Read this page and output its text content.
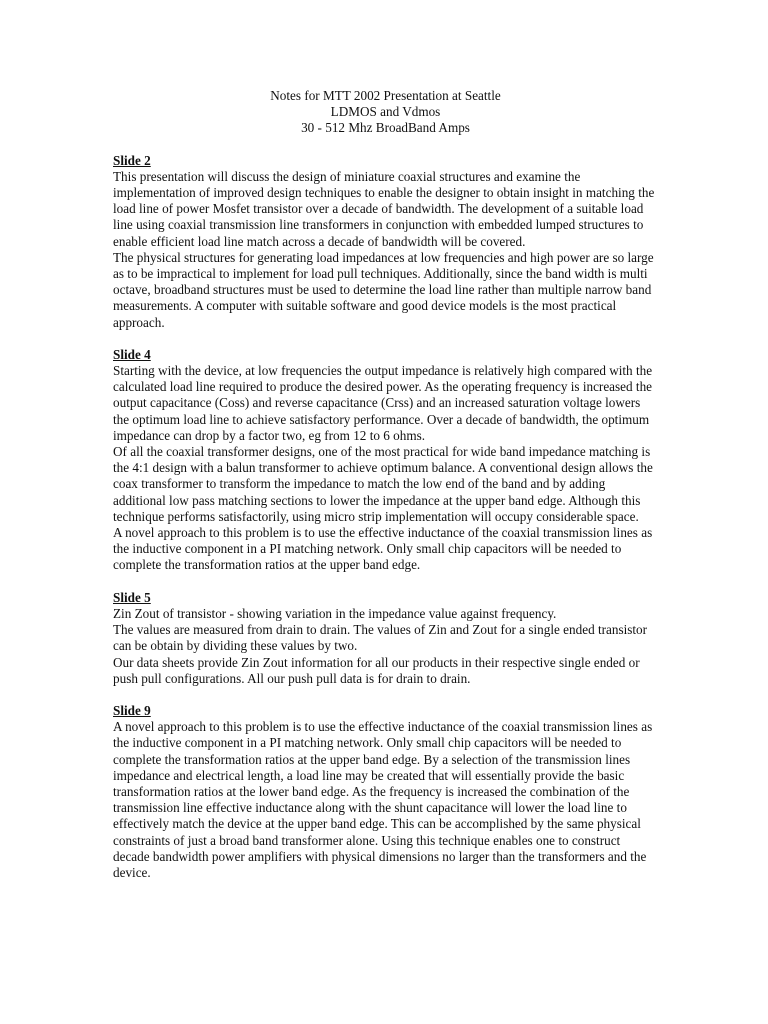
Notes for MTT 2002 Presentation at Seattle
LDMOS and Vdmos
30 - 512 Mhz BroadBand Amps
Slide 2

This presentation will discuss the design of miniature coaxial structures and examine the implementation of improved design techniques to enable the designer to obtain insight in matching the load line of power Mosfet transistor over a decade of bandwidth. The development of a suitable load line using coaxial transmission line transformers in conjunction with embedded lumped structures to enable efficient load line match across a decade of bandwidth will be covered.

The physical structures for generating load impedances at low frequencies and high power are so large as to be impractical to implement for load pull techniques. Additionally, since the band width is multi octave, broadband structures must be used to determine the load line rather than multiple narrow band measurements. A computer with suitable software and good device models is the most practical approach.

Slide 4

Starting with the device, at low frequencies the output impedance is relatively high compared with the calculated load line required to produce the desired power. As the operating frequency is increased the output capacitance (Coss) and reverse capacitance (Crss) and an increased saturation voltage lowers the optimum load line to achieve satisfactory performance. Over a decade of bandwidth, the optimum impedance can drop by a factor two, eg from 12 to 6 ohms.

Of all the coaxial transformer designs, one of the most practical for wide band impedance matching is the 4:1 design with a balun transformer to achieve optimum balance. A conventional design allows the coax transformer to transform the impedance to match the low end of the band and by adding additional low pass matching sections to lower the impedance at the upper band edge. Although this technique performs satisfactorily, using micro strip implementation will occupy considerable space.

A novel approach to this problem is to use the effective inductance of the coaxial transmission lines as the inductive component in a PI matching network. Only small chip capacitors will be needed to complete the transformation ratios at the upper band edge.

Slide 5

Zin Zout of transistor - showing variation in the impedance value against frequency.

The values are measured from drain to drain. The values of Zin and Zout for a single ended transistor can be obtain by dividing these values by two.

Our data sheets provide Zin Zout information for all our products in their respective single ended or push pull configurations. All our push pull data is for drain to drain.

Slide 9

A novel approach to this problem is to use the effective inductance of the coaxial transmission lines as the inductive component in a PI matching network. Only small chip capacitors will be needed to complete the transformation ratios at the upper band edge. By a selection of the transmission lines impedance and electrical length, a load line may be created that will essentially provide the basic transformation ratios at the lower band edge. As the frequency is increased the combination of the transmission line effective inductance along with the shunt capacitance will lower the load line to effectively match the device at the upper band edge. This can be accomplished by the same physical constraints of just a broad band transformer alone. Using this technique enables one to construct decade bandwidth power amplifiers with physical dimensions no larger than the transformers and the device.
